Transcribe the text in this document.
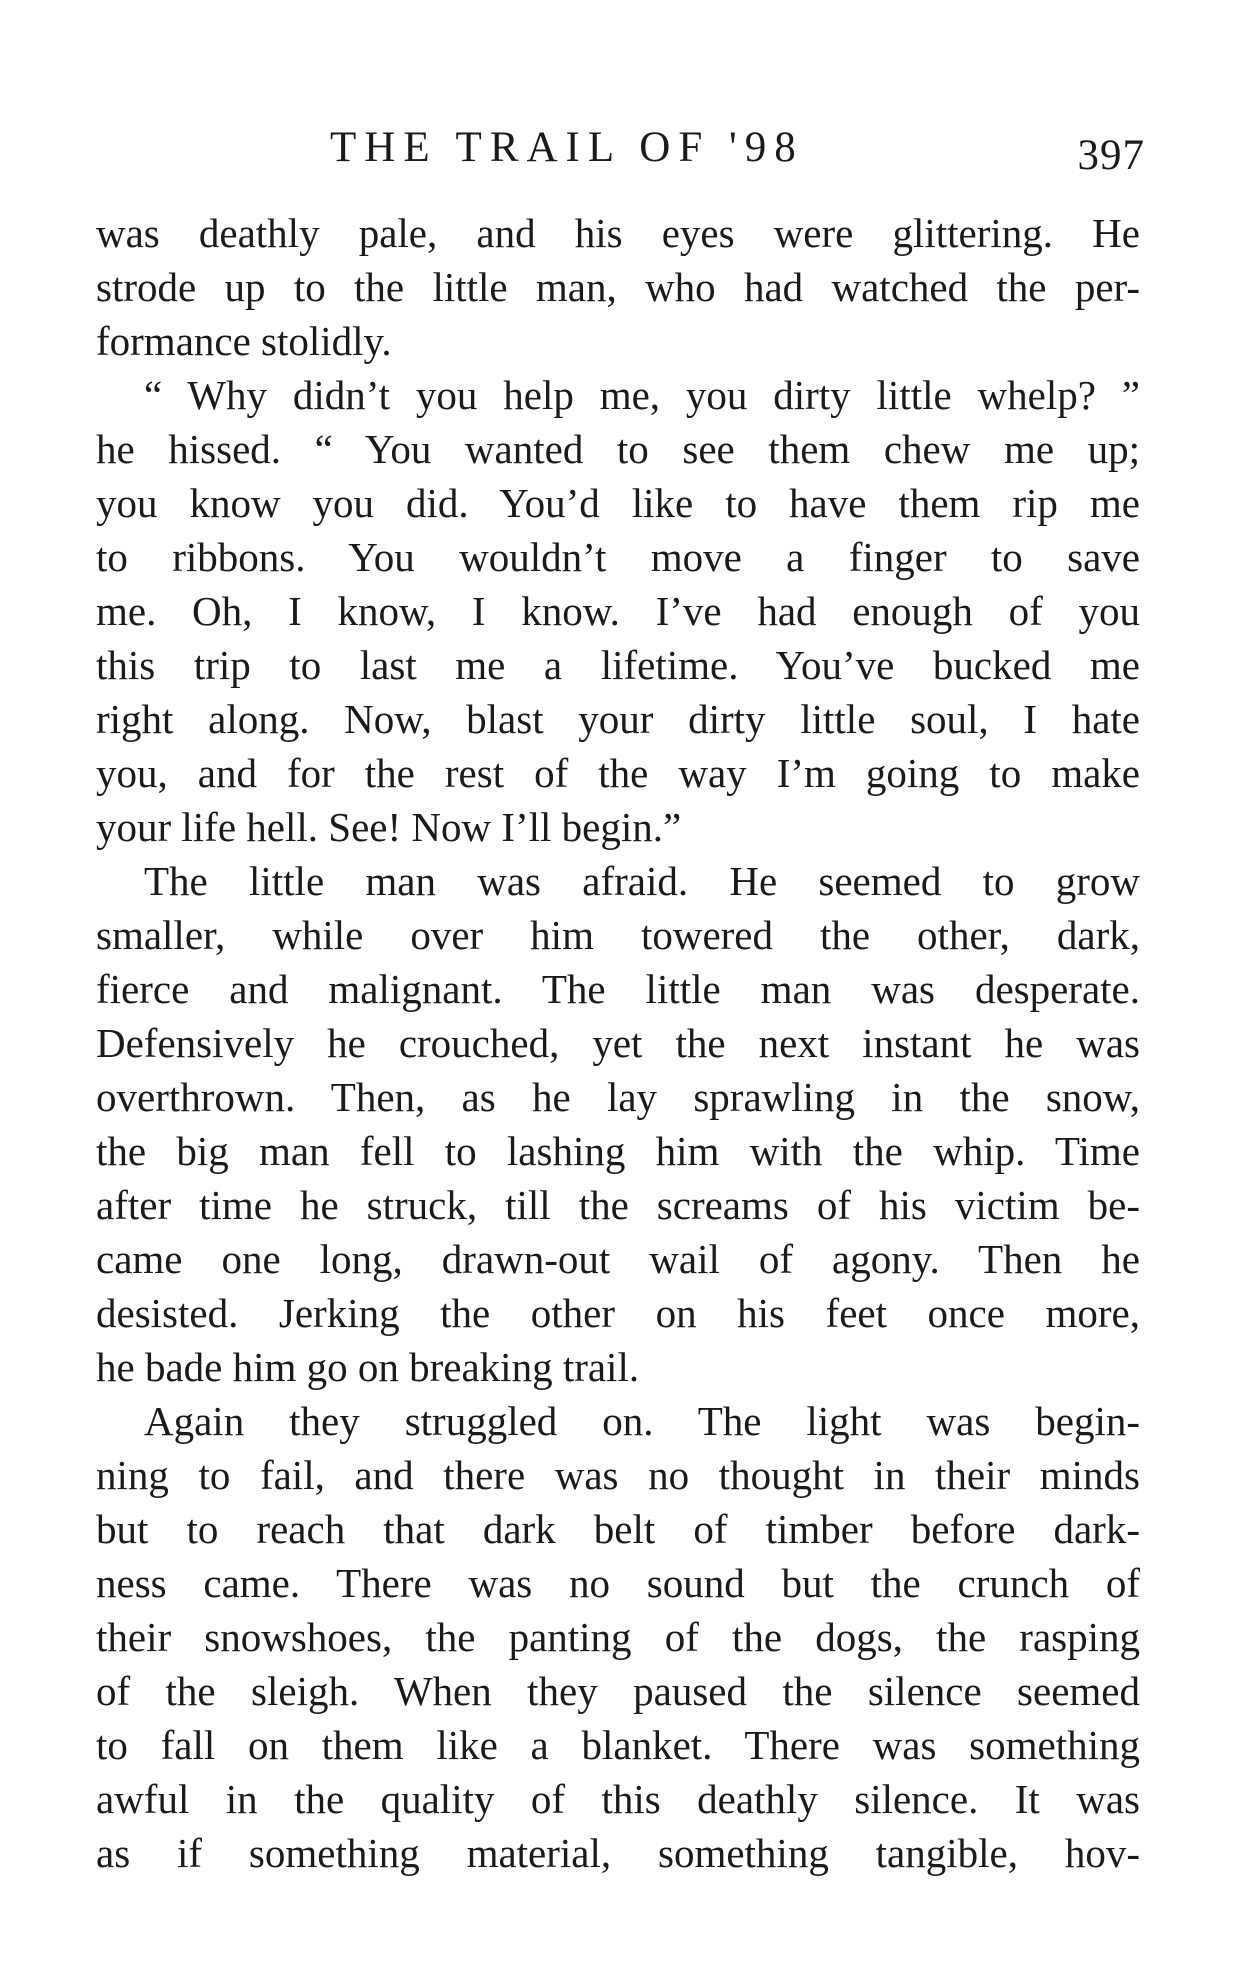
THE TRAIL OF '98	397
was deathly pale, and his eyes were glittering. He
strode up to the little man, who had watched the per-
formance stolidly.
“ Why didn’t you help me, you dirty little whelp? ”
he hissed. “ You wanted to see them chew me up;
you know you did. You’d like to have them rip me
to ribbons. You wouldn’t move a finger to save
me. Oh, I know, I know. I’ve had enough of you
this trip to last me a lifetime. You’ve bucked me
right along. Now, blast your dirty little soul, I hate
you, and for the rest of the way I’m going to make
your life hell. See! Now I’ll begin.”
The little man was afraid. He seemed to grow
smaller, while over him towered the other, dark,
fierce and malignant. The little man was desperate.
Defensively he crouched, yet the next instant he was
overthrown. Then, as he lay sprawling in the snow,
the big man fell to lashing him with the whip. Time
after time he struck, till the screams of his victim be-
came one long, drawn-out wail of agony. Then he
desisted. Jerking the other on his feet once more,
he bade him go on breaking trail.
Again they struggled on. The light was begin-
ning to fail, and there was no thought in their minds
but to reach that dark belt of timber before dark-
ness came. There was no sound but the crunch of
their snowshoes, the panting of the dogs, the rasping
of the sleigh. When they paused the silence seemed
to fall on them like a blanket. There was something
awful in the quality of this deathly silence. It was
as if something material, something tangible, hov-
